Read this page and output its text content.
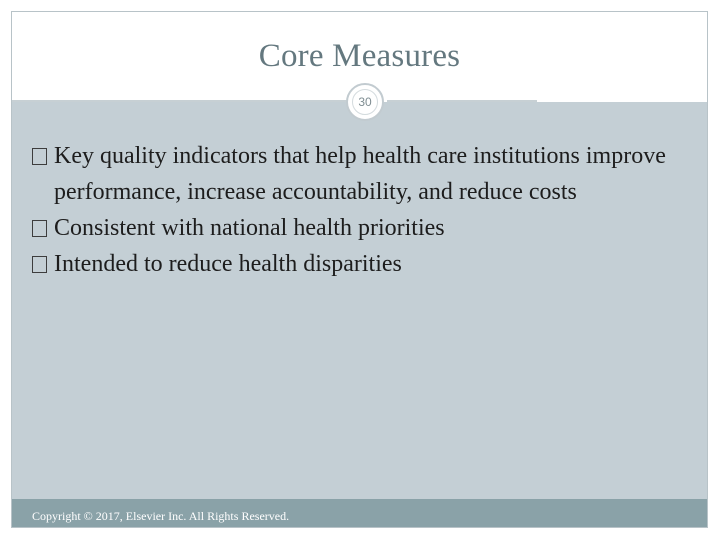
Core Measures
30
Key quality indicators that help health care institutions improve performance, increase accountability, and reduce costs
Consistent with national health priorities
Intended to reduce health disparities
Copyright © 2017, Elsevier Inc. All Rights Reserved.
